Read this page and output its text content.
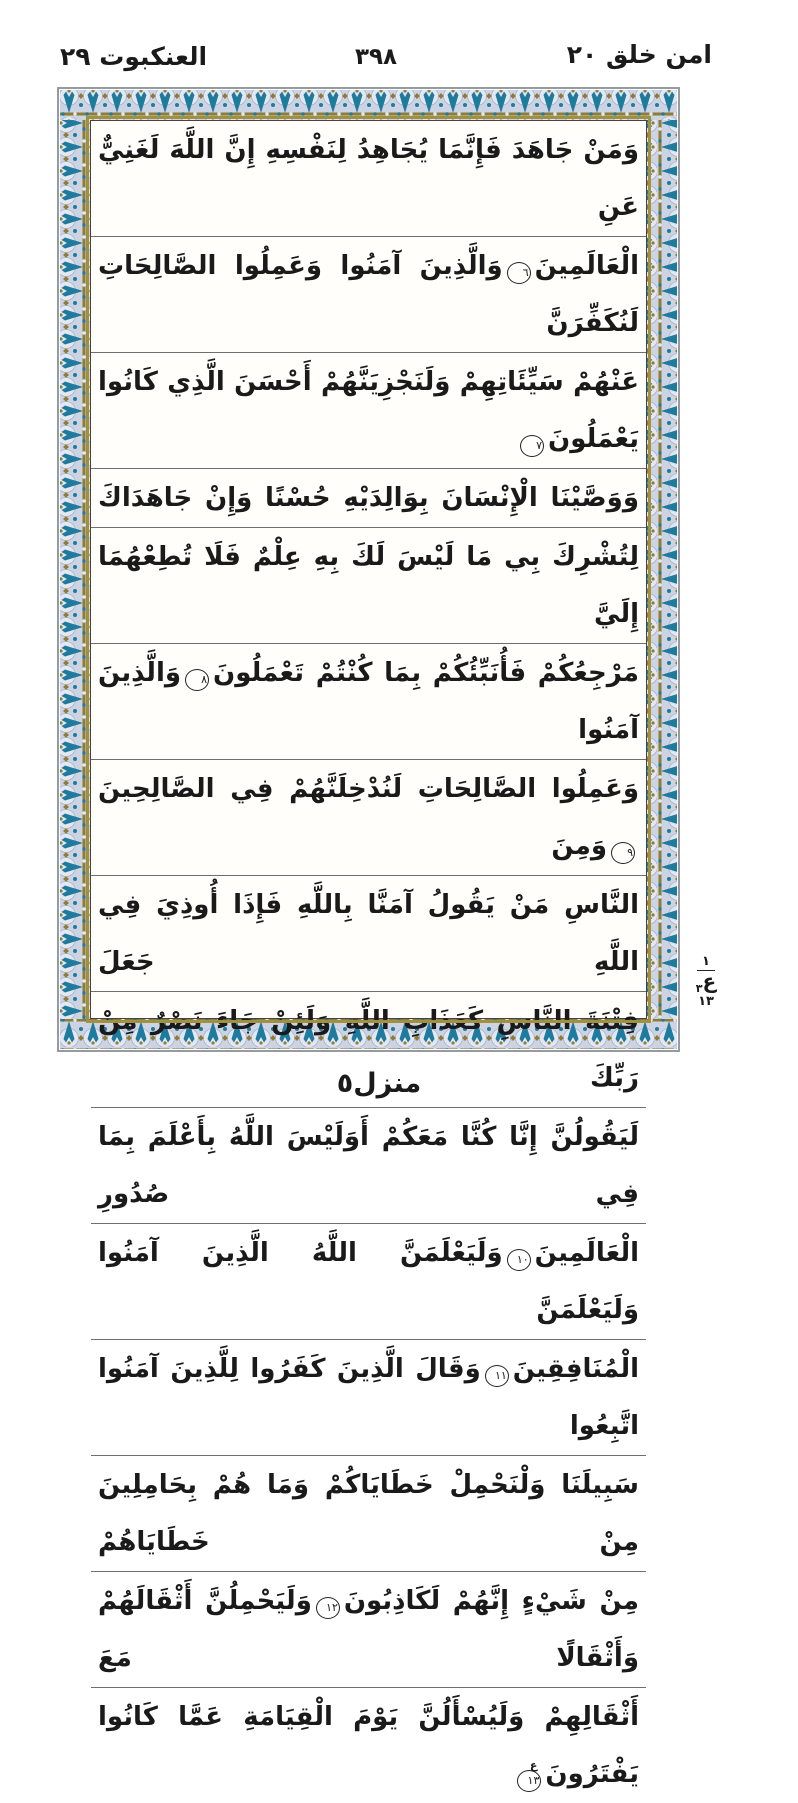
العنكبوت ٢٩	٣٩٨	امن خلق ٢٠
وَمَنْ جَاهَدَ فَإِنَّمَا يُجَاهِدُ لِنَفْسِهِ إِنَّ اللَّهَ لَغَنِيٌّ عَنِ
الْعَالَمِينَ٦وَالَّذِينَ آمَنُوا وَعَمِلُوا الصَّالِحَاتِ لَنُكَفِّرَنَّ
عَنْهُمْ سَيِّئَاتِهِمْ وَلَنَجْزِيَنَّهُمْ أَحْسَنَ الَّذِي كَانُوا يَعْمَلُونَ٧
وَوَصَّيْنَا الْإِنْسَانَ بِوَالِدَيْهِ حُسْنًا وَإِنْ جَاهَدَاكَ
لِتُشْرِكَ بِي مَا لَيْسَ لَكَ بِهِ عِلْمٌ فَلَا تُطِعْهُمَا إِلَيَّ
مَرْجِعُكُمْ فَأُنَبِّئُكُمْ بِمَا كُنْتُمْ تَعْمَلُونَ٨وَالَّذِينَ آمَنُوا
وَعَمِلُوا الصَّالِحَاتِ لَنُدْخِلَنَّهُمْ فِي الصَّالِحِينَ٩وَمِنَ
النَّاسِ مَنْ يَقُولُ آمَنَّا بِاللَّهِ فَإِذَا أُوذِيَ فِي اللَّهِ جَعَلَ
فِتْنَةَ النَّاسِ كَعَذَابِ اللَّهِ وَلَئِنْ جَاءَ نَصْرٌ مِنْ رَبِّكَ
لَيَقُولُنَّ إِنَّا كُنَّا مَعَكُمْ أَوَلَيْسَ اللَّهُ بِأَعْلَمَ بِمَا فِي صُدُورِ
الْعَالَمِينَ١٠وَلَيَعْلَمَنَّ اللَّهُ الَّذِينَ آمَنُوا وَلَيَعْلَمَنَّ
الْمُنَافِقِينَ١١وَقَالَ الَّذِينَ كَفَرُوا لِلَّذِينَ آمَنُوا اتَّبِعُوا
سَبِيلَنَا وَلْنَحْمِلْ خَطَايَاكُمْ وَمَا هُمْ بِحَامِلِينَ مِنْ خَطَايَاهُمْ
مِنْ شَيْءٍ إِنَّهُمْ لَكَاذِبُونَ١٢وَلَيَحْمِلُنَّ أَثْقَالَهُمْ وَأَثْقَالًا مَعَ
أَثْقَالِهِمْ وَلَيُسْأَلُنَّ يَوْمَ الْقِيَامَةِ عَمَّا كَانُوا يَفْتَرُونَ١٣
ع
١
ع$_٣$
١٣
منزل٥
